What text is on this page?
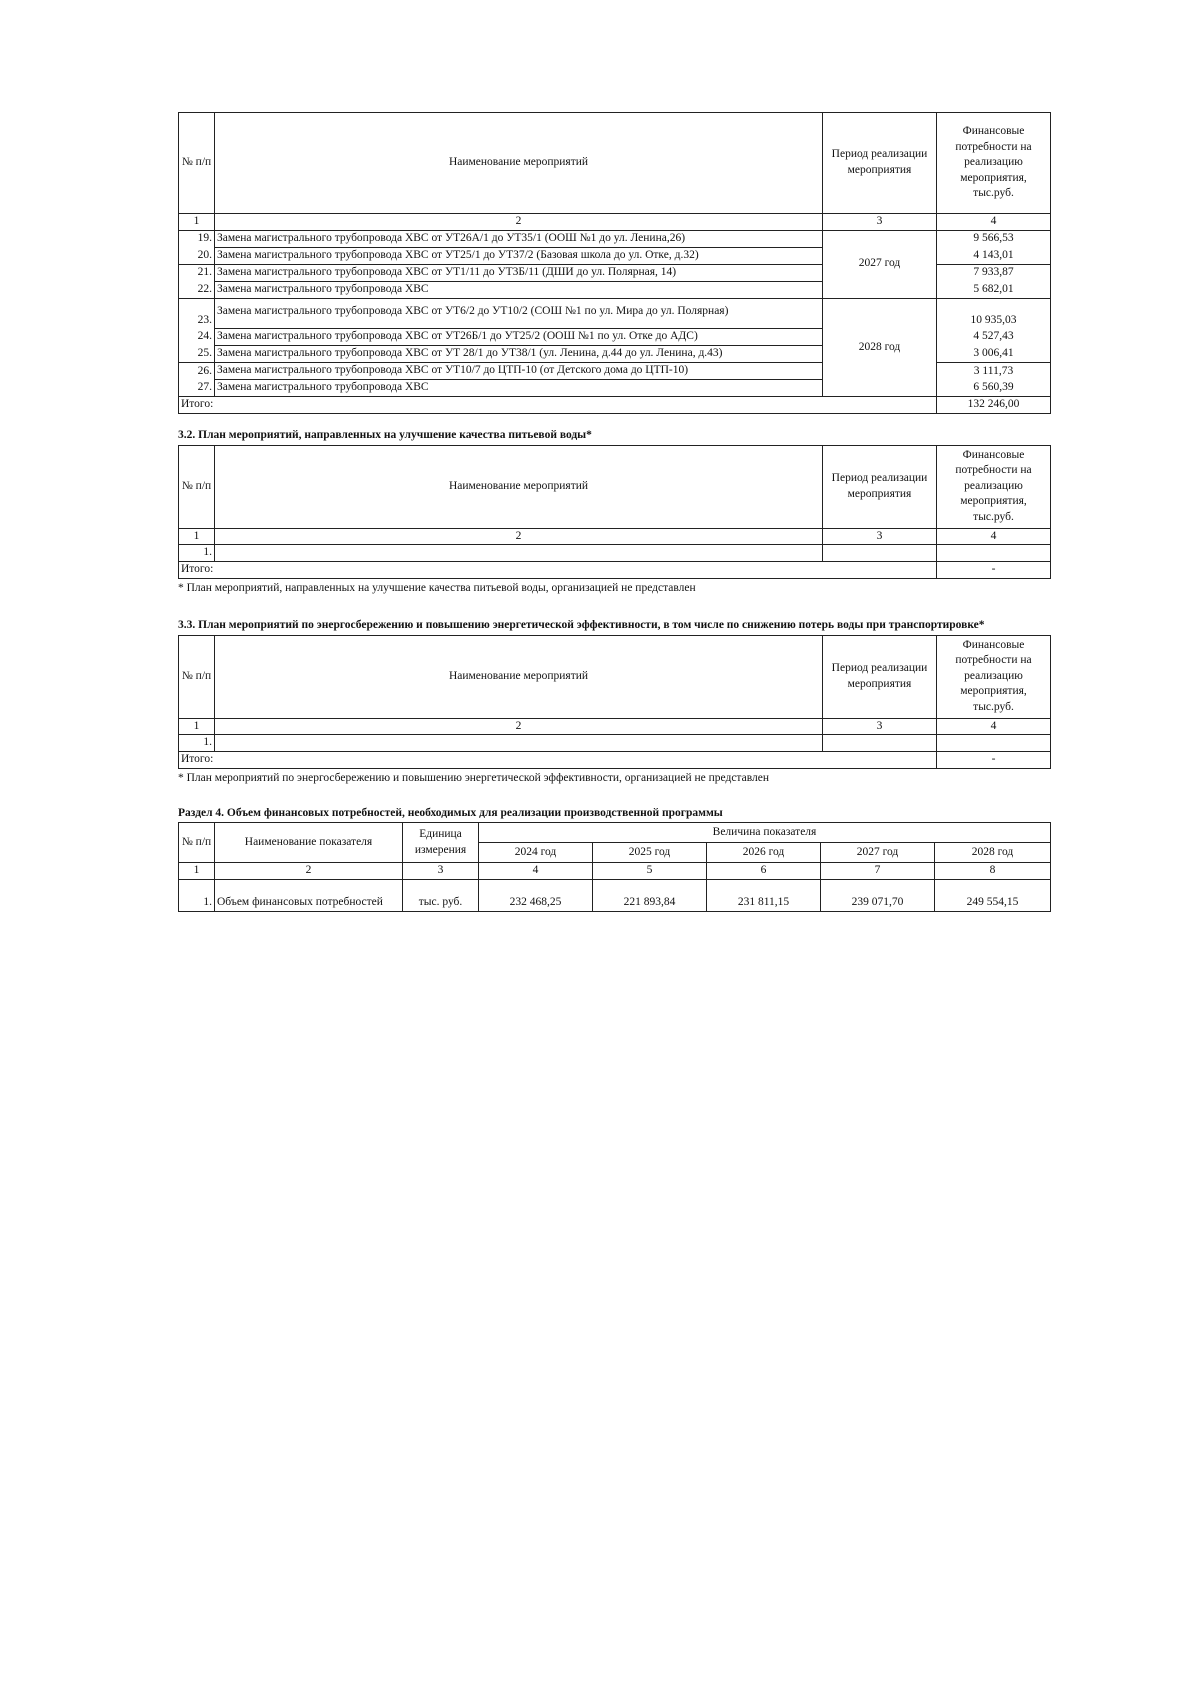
№ п/п	Наименование мероприятий	Период реализации мероприятия	Финансовые потребности на реализацию мероприятия, тыс.руб.
1	2	3	4
19.	Замена магистрального трубопровода ХВС от УТ26А/1 до УТ35/1 (ООШ №1 до ул. Ленина,26)	2027 год	9 566,53
20.	Замена магистрального трубопровода ХВС от УТ25/1 до УТ37/2 (Базовая школа до ул. Отке, д.32)		4 143,01
21.	Замена магистрального трубопровода ХВС от УТ1/11 до УТ3Б/11 (ДШИ до ул. Полярная, 14)		7 933,87
22.	Замена магистрального трубопровода ХВС		5 682,01
23.	Замена магистрального трубопровода ХВС от УТ6/2 до УТ10/2 (СОШ №1 по ул. Мира до ул. Полярная)	2028 год	10 935,03
24.	Замена магистрального трубопровода ХВС от УТ26Б/1 до УТ25/2 (ООШ №1 по ул. Отке до АДС)		4 527,43
25.	Замена магистрального трубопровода ХВС от УТ 28/1 до УТ38/1 (ул. Ленина, д.44 до ул. Ленина, д.43)		3 006,41
26.	Замена магистрального трубопровода ХВС от УТ10/7 до ЦТП-10 (от Детского дома до ЦТП-10)		3 111,73
27.	Замена магистрального трубопровода ХВС		6 560,39
Итого:			132 246,00
3.2. План мероприятий, направленных на улучшение качества питьевой воды*
№ п/п	Наименование мероприятий	Период реализации мероприятия	Финансовые потребности на реализацию мероприятия, тыс.руб.
1	2	3	4
1.			
Итого:			-
* План мероприятий, направленных на улучшение качества питьевой воды, организацией не представлен
3.3. План мероприятий по энергосбережению и повышению энергетической эффективности, в том числе по снижению потерь воды при транспортировке*
№ п/п	Наименование мероприятий	Период реализации мероприятия	Финансовые потребности на реализацию мероприятия, тыс.руб.
1	2	3	4
1.			
Итого:			-
* План мероприятий по энергосбережению и повышению энергетической эффективности, организацией не представлен
Раздел 4. Объем финансовых потребностей, необходимых для реализации производственной программы
№ п/п	Наименование показателя	Единица измерения	Величина показателя				
			2024 год	2025 год	2026 год	2027 год	2028 год
1	2	3	4	5	6	7	8
1.	Объем финансовых потребностей	тыс. руб.	232 468,25	221 893,84	231 811,15	239 071,70	249 554,15
